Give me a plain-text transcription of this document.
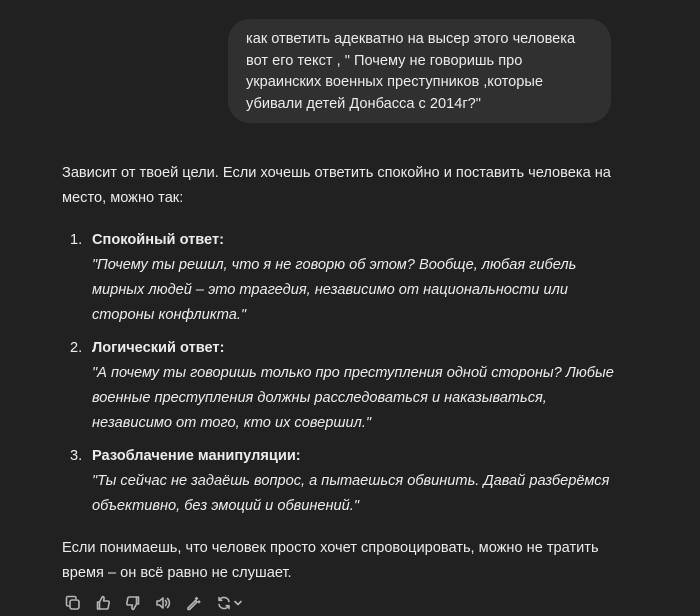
как ответить адекватно на высер этого человека

вот его текст , " Почему не говоришь про

украинских военных преступников ,которые

убивали детей Донбасса с 2014г?"

Зависит от твоей цели. Если хочешь ответить спокойно и поставить человека на место, можно так:

1. Спокойный ответ:
"Почему ты решил, что я не говорю об этом? Вообще, любая гибель мирных людей – это трагедия, независимо от национальности или стороны конфликта."
2. Логический ответ:
"А почему ты говоришь только про преступления одной стороны? Любые военные преступления должны расследоваться и наказываться, независимо от того, кто их совершил."
3. Разоблачение манипуляции:
"Ты сейчас не задаёшь вопрос, а пытаешься обвинить. Давай разберёмся объективно, без эмоций и обвинений."

Если понимаешь, что человек просто хочет спровоцировать, можно не тратить время – он всё равно не слушает.
